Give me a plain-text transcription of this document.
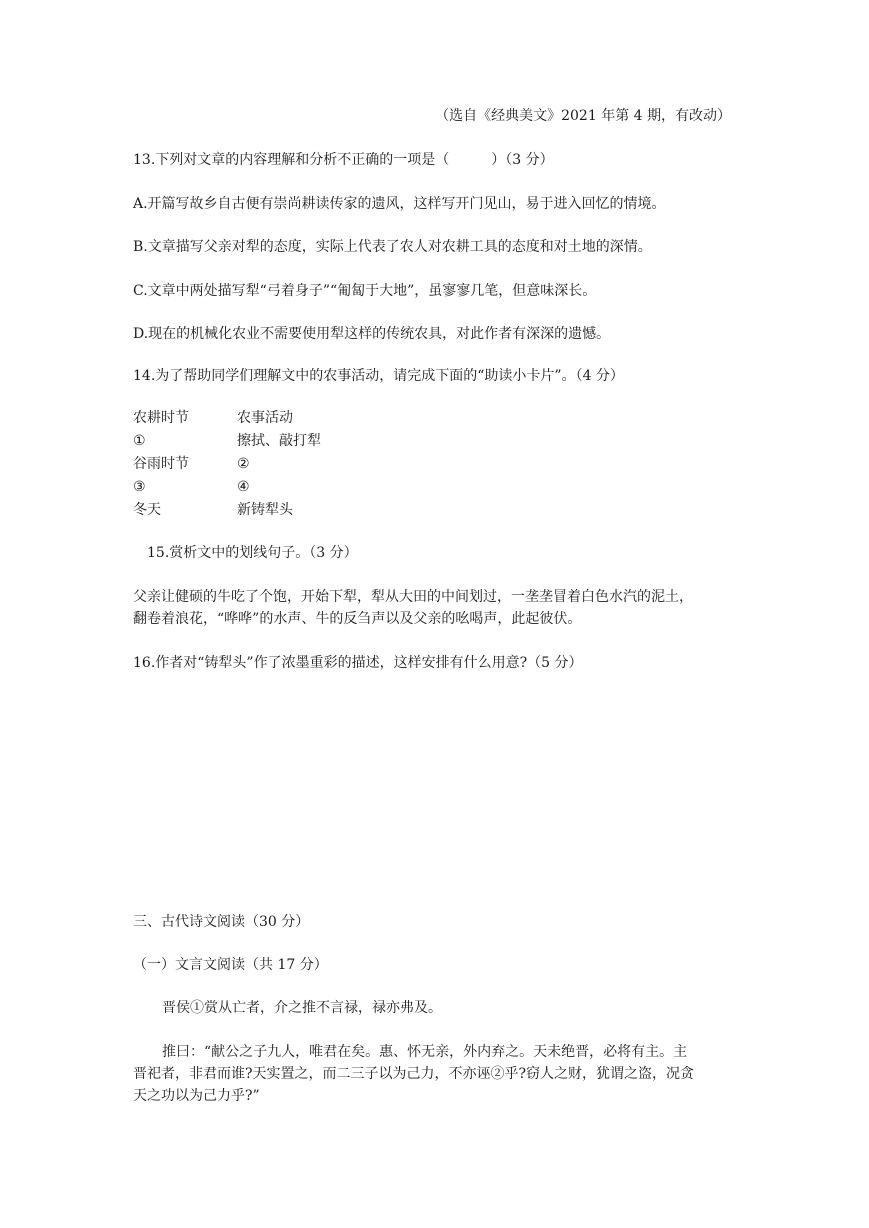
（选自《经典美文》2021 年第 4 期，有改动）
13.下列对文章的内容理解和分析不正确的一项是（　　　）（3 分）
A.开篇写故乡自古便有崇尚耕读传家的遗风，这样写开门见山，易于进入回忆的情境。
B.文章描写父亲对犁的态度，实际上代表了农人对农耕工具的态度和对土地的深情。
C.文章中两处描写犁“弓着身子”“匍匐于大地”，虽寥寥几笔，但意味深长。
D.现在的机械化农业不需要使用犁这样的传统农具，对此作者有深深的遗憾。
14.为了帮助同学们理解文中的农事活动，请完成下面的“助读小卡片”。（4 分）
农耕时节	农事活动
①	擦拭、敲打犁
谷雨时节	②
③	④
冬天	新铸犁头
15.赏析文中的划线句子。（3 分）
父亲让健硕的牛吃了个饱，开始下犁，犁从大田的中间划过，一垄垄冒着白色水汽的泥土，
翻卷着浪花，“哗哗”的水声、牛的反刍声以及父亲的吆喝声，此起彼伏。
16.作者对“铸犁头”作了浓墨重彩的描述，这样安排有什么用意?（5 分）
三、古代诗文阅读（30 分）
（一）文言文阅读（共 17 分）
晋侯①赏从亡者，介之推不言禄，禄亦弗及。
推曰：“献公之子九人，唯君在矣。惠、怀无亲，外内弃之。天未绝晋，必将有主。主
晋祀者，非君而谁?天实置之，而二三子以为己力，不亦诬②乎?窃人之财，犹谓之盗，况贪
天之功以为己力乎?”
